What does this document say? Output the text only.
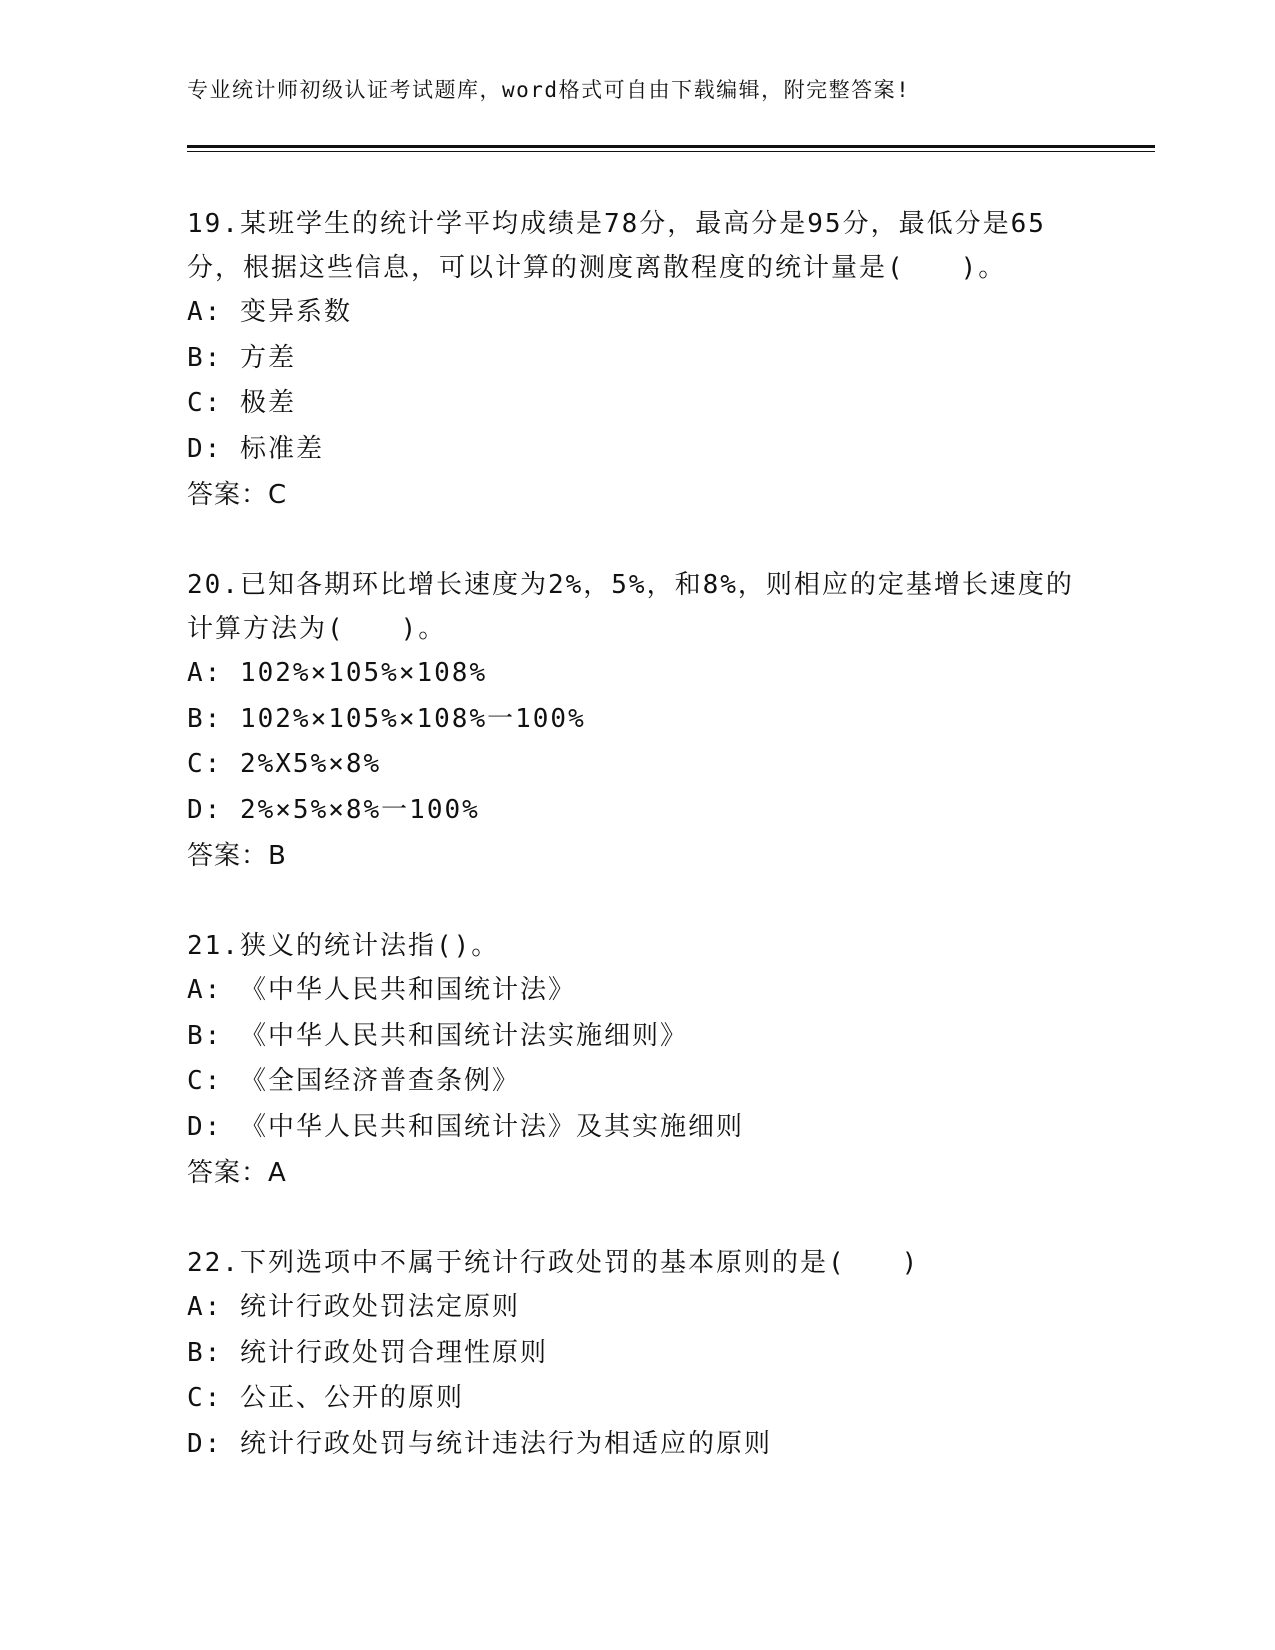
专业统计师初级认证考试题库，word格式可自由下载编辑，附完整答案!
19.某班学生的统计学平均成绩是78分，最高分是95分，最低分是65分，根据这些信息，可以计算的测度离散程度的统计量是(　　)。
A: 变异系数
B: 方差
C: 极差
D: 标准差
答案：C
20.已知各期环比增长速度为2%，5%，和8%，则相应的定基增长速度的计算方法为(　　)。
A: 102%×105%×108%
B: 102%×105%×108%一100%
C: 2%X5%×8%
D: 2%×5%×8%一100%
答案：B
21.狭义的统计法指()。
A: 《中华人民共和国统计法》
B: 《中华人民共和国统计法实施细则》
C: 《全国经济普查条例》
D: 《中华人民共和国统计法》及其实施细则
答案：A
22.下列选项中不属于统计行政处罚的基本原则的是(　　)
A: 统计行政处罚法定原则
B: 统计行政处罚合理性原则
C: 公正、公开的原则
D: 统计行政处罚与统计违法行为相适应的原则
